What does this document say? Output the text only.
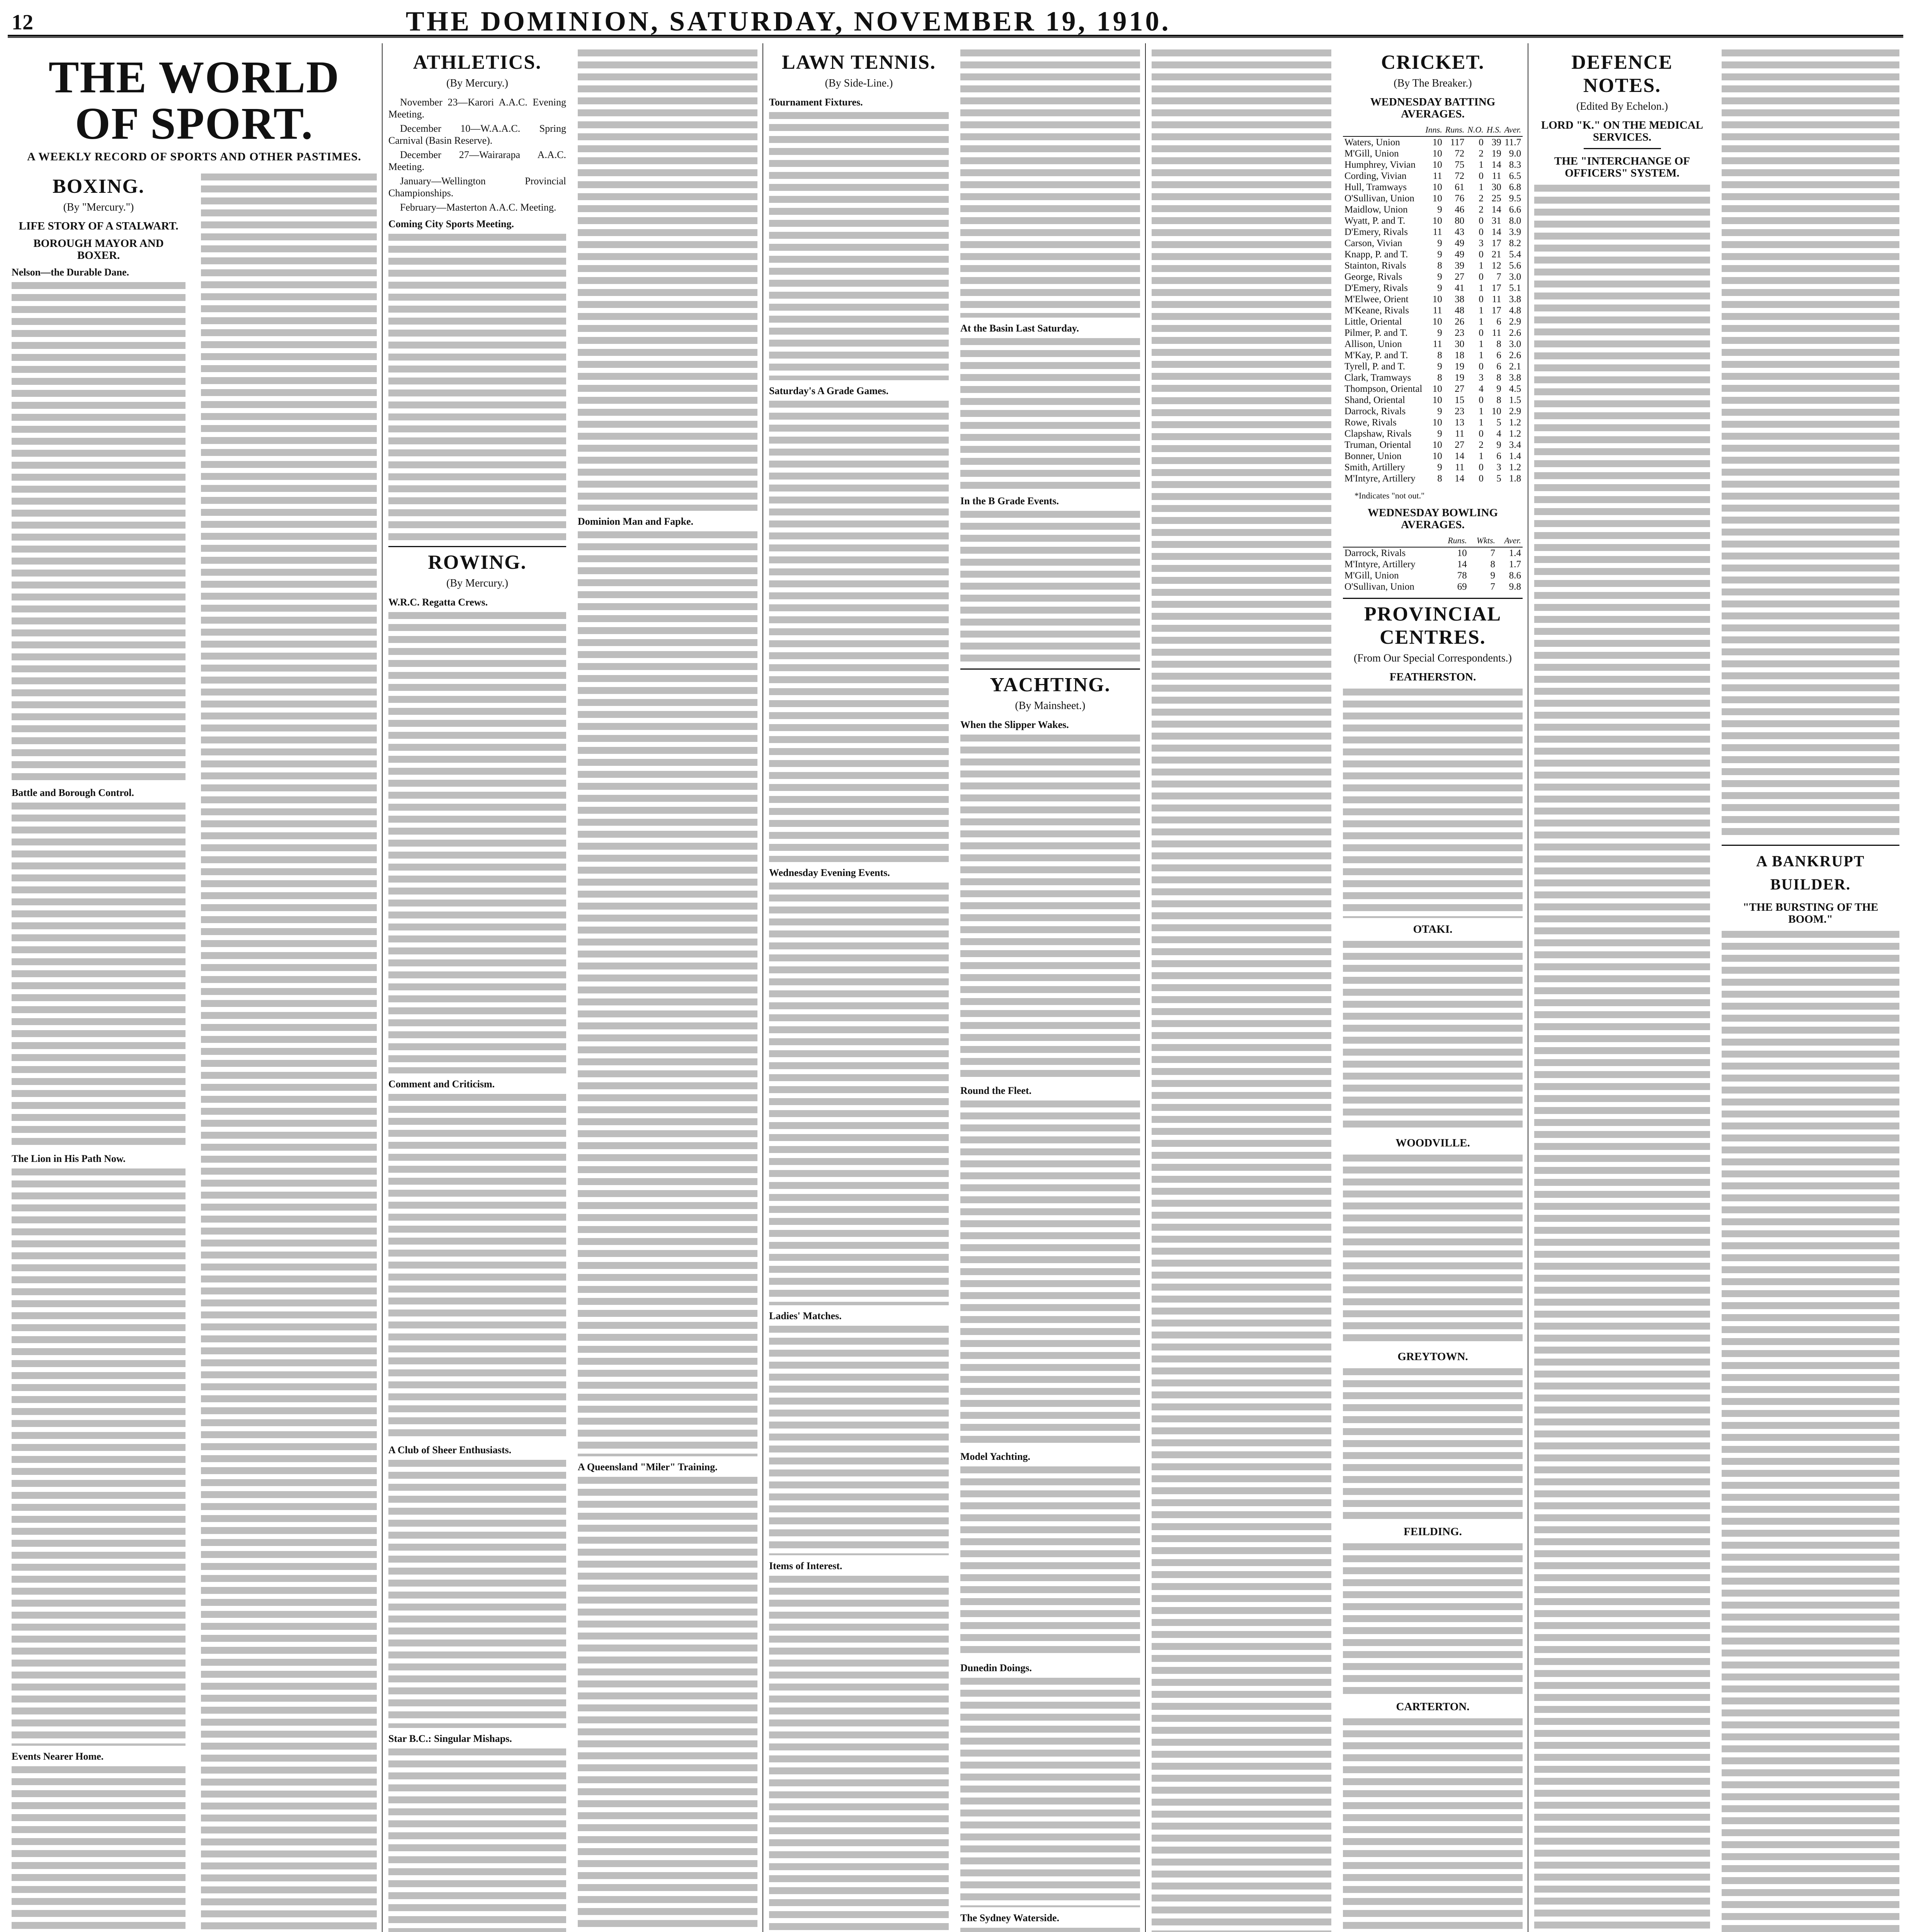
12	THE DOMINION, SATURDAY, NOVEMBER 19, 1910.
THE WORLD OF SPORT.
A WEEKLY RECORD OF SPORTS AND OTHER PASTIMES.
BOXING.
(By "Mercury.")
LIFE STORY OF A STALWART.
BOROUGH MAYOR AND BOXER.
Nelson—the Durable Dane.
Battle and Borough Control.
The Lion in His Path Now.
Events Nearer Home.
ATHLETICS.
(By Mercury.)
November 23—Karori A.A.C. Evening Meeting.
December 10—W.A.A.C. Spring Carnival (Basin Reserve).
December 27—Wairarapa A.A.C. Meeting.
January—Wellington Provincial Championships.
February—Masterton A.A.C. Meeting.
Coming City Sports Meeting.
ROWING.
(By Mercury.)
W.R.C. Regatta Crews.
Comment and Criticism.
A Club of Sheer Enthusiasts.
Star B.C.: Singular Mishaps.
Dominion Man and Fapke.
A Queensland "Miler" Training.
LAWN TENNIS.
(By Side-Line.)
Tournament Fixtures.
Saturday's A Grade Games.
Wednesday Evening Events.
Ladies' Matches.
Items of Interest.
At the Basin Last Saturday.
In the B Grade Events.
YACHTING.
(By Mainsheet.)
When the Slipper Wakes.
Round the Fleet.
Model Yachting.
Dunedin Doings.
The Sydney Waterside.
CRICKET.
(By The Breaker.)
WEDNESDAY BATTING AVERAGES.
	Inns.	Runs.	N.O.	H.S.	Aver.
Waters, Union	10	117	0	39	11.7
M'Gill, Union	10	72	2	19	9.0
Humphrey, Vivian	10	75	1	14	8.3
Cording, Vivian	11	72	0	11	6.5
Hull, Tramways	10	61	1	30	6.8
O'Sullivan, Union	10	76	2	25	9.5
Maidlow, Union	9	46	2	14	6.6
Wyatt, P. and T.	10	80	0	31	8.0
D'Emery, Rivals	11	43	0	14	3.9
Carson, Vivian	9	49	3	17	8.2
Knapp, P. and T.	9	49	0	21	5.4
Stainton, Rivals	8	39	1	12	5.6
George, Rivals	9	27	0	7	3.0
D'Emery, Rivals	9	41	1	17	5.1
M'Elwee, Orient	10	38	0	11	3.8
M'Keane, Rivals	11	48	1	17	4.8
Little, Oriental	10	26	1	6	2.9
Pilmer, P. and T.	9	23	0	11	2.6
Allison, Union	11	30	1	8	3.0
M'Kay, P. and T.	8	18	1	6	2.6
Tyrell, P. and T.	9	19	0	6	2.1
Clark, Tramways	8	19	3	8	3.8
Thompson, Oriental	10	27	4	9	4.5
Shand, Oriental	10	15	0	8	1.5
Darrock, Rivals	9	23	1	10	2.9
Rowe, Rivals	10	13	1	5	1.2
Clapshaw, Rivals	9	11	0	4	1.2
Truman, Oriental	10	27	2	9	3.4
Bonner, Union	10	14	1	6	1.4
Smith, Artillery	9	11	0	3	1.2
M'Intyre, Artillery	8	14	0	5	1.8
*Indicates "not out."
WEDNESDAY BOWLING AVERAGES.
	Runs.	Wkts.	Aver.
Darrock, Rivals	10	7	1.4
M'Intyre, Artillery	14	8	1.7
M'Gill, Union	78	9	8.6
O'Sullivan, Union	69	7	9.8
PROVINCIAL CENTRES.
(From Our Special Correspondents.)
FEATHERSTON.
OTAKI.
WOODVILLE.
GREYTOWN.
FEILDING.
CARTERTON.
DEFENCE NOTES.
(Edited By Echelon.)
LORD "K." ON THE MEDICAL SERVICES.
THE "INTERCHANGE OF OFFICERS" SYSTEM.
A BANKRUPT BUILDER.
"THE BURSTING OF THE BOOM."
